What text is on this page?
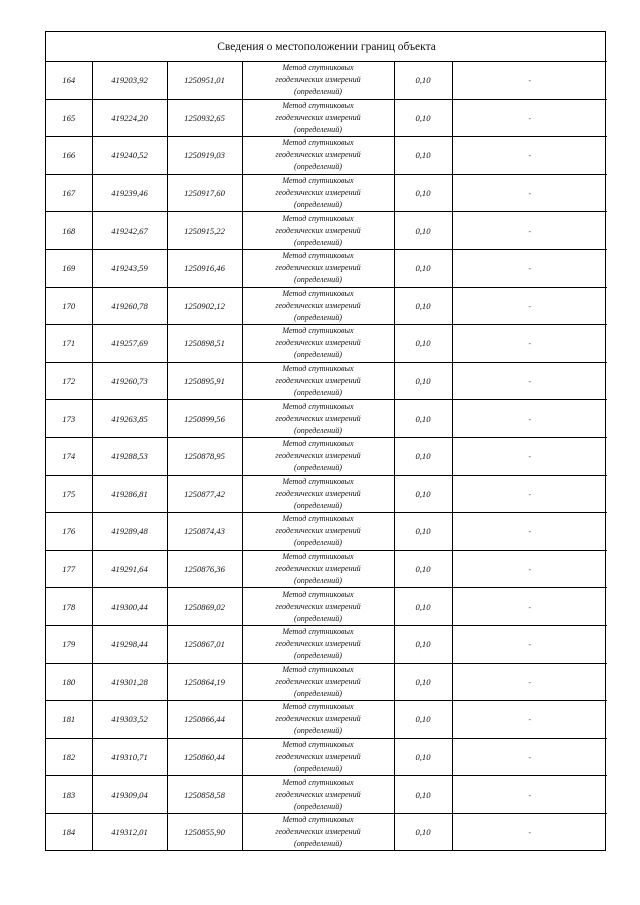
Сведения о местоположении границ объекта					
164	419203,92	1250951,01	Метод спутниковых
геодезических измерений
(определений)	0,10	-
165	419224,20	1250932,65	Метод спутниковых
геодезических измерений
(определений)	0,10	-
166	419240,52	1250919,03	Метод спутниковых
геодезических измерений
(определений)	0,10	-
167	419239,46	1250917,60	Метод спутниковых
геодезических измерений
(определений)	0,10	-
168	419242,67	1250915,22	Метод спутниковых
геодезических измерений
(определений)	0,10	-
169	419243,59	1250916,46	Метод спутниковых
геодезических измерений
(определений)	0,10	-
170	419260,78	1250902,12	Метод спутниковых
геодезических измерений
(определений)	0,10	-
171	419257,69	1250898,51	Метод спутниковых
геодезических измерений
(определений)	0,10	-
172	419260,73	1250895,91	Метод спутниковых
геодезических измерений
(определений)	0,10	-
173	419263,85	1250899,56	Метод спутниковых
геодезических измерений
(определений)	0,10	-
174	419288,53	1250878,95	Метод спутниковых
геодезических измерений
(определений)	0,10	-
175	419286,81	1250877,42	Метод спутниковых
геодезических измерений
(определений)	0,10	-
176	419289,48	1250874,43	Метод спутниковых
геодезических измерений
(определений)	0,10	-
177	419291,64	1250876,36	Метод спутниковых
геодезических измерений
(определений)	0,10	-
178	419300,44	1250869,02	Метод спутниковых
геодезических измерений
(определений)	0,10	-
179	419298,44	1250867,01	Метод спутниковых
геодезических измерений
(определений)	0,10	-
180	419301,28	1250864,19	Метод спутниковых
геодезических измерений
(определений)	0,10	-
181	419303,52	1250866,44	Метод спутниковых
геодезических измерений
(определений)	0,10	-
182	419310,71	1250860,44	Метод спутниковых
геодезических измерений
(определений)	0,10	-
183	419309,04	1250858,58	Метод спутниковых
геодезических измерений
(определений)	0,10	-
184	419312,01	1250855,90	Метод спутниковых
геодезических измерений
(определений)	0,10	-
